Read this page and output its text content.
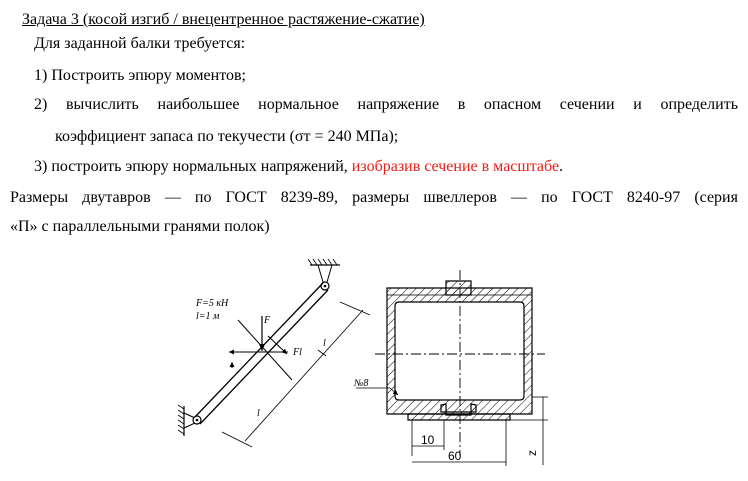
Задача 3 (косой изгиб / внецентренное растяжение-сжатие)
Для заданной балки требуется:
1) Построить эпюру моментов;
2) вычислить наибольшее нормальное напряжение в опасном сечении и определить
коэффициент запаса по текучести (σт = 240 МПа);
3) построить эпюру нормальных напряжений, изобразив сечение в масштабе.
Размеры двутавров — по ГОСТ 8239-89, размеры швеллеров — по ГОСТ 8240-97 (серия
«П» с параллельными гранями полок)
F=5 кН
l=1 м	F
Fl
l
l
№8
10
60	z
